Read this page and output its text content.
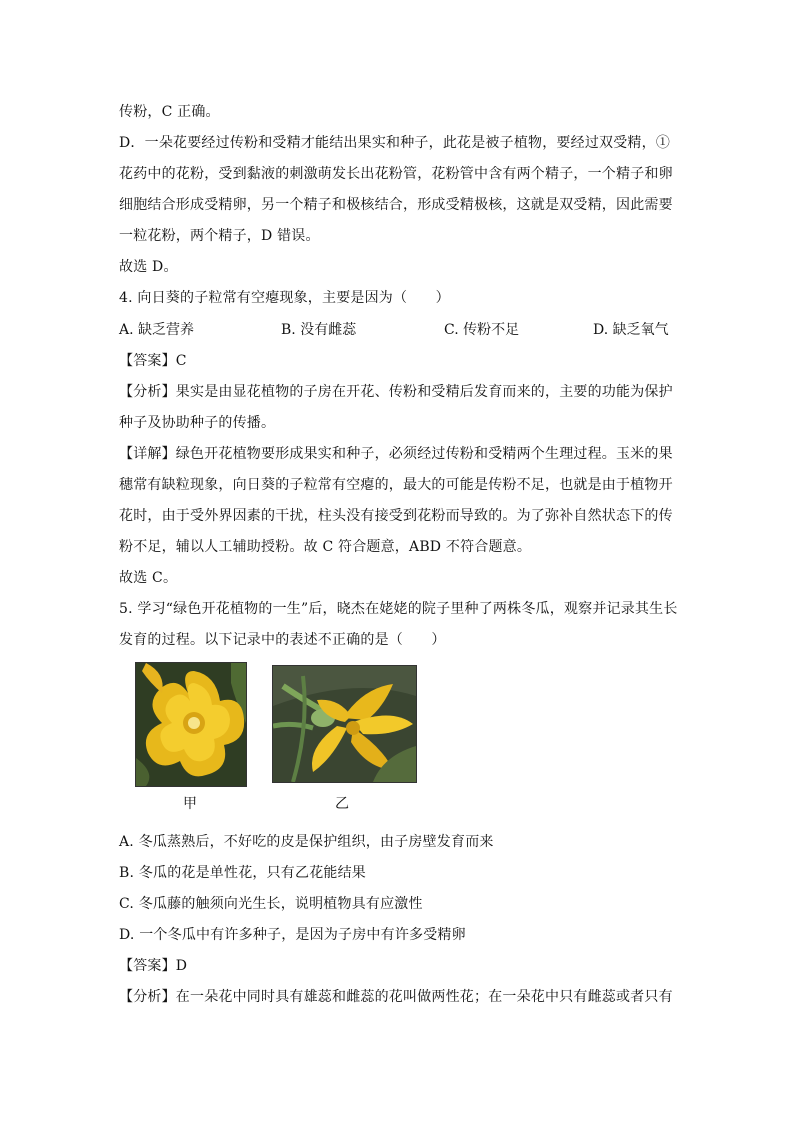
传粉，C 正确。
D．一朵花要经过传粉和受精才能结出果实和种子，此花是被子植物，要经过双受精，①
花药中的花粉，受到黏液的刺激萌发长出花粉管，花粉管中含有两个精子，一个精子和卵
细胞结合形成受精卵，另一个精子和极核结合，形成受精极核，这就是双受精，因此需要
一粒花粉，两个精子，D 错误。
故选 D。
4. 向日葵的子粒常有空瘪现象，主要是因为（　　）
A. 缺乏营养	B. 没有雌蕊	C. 传粉不足	D. 缺乏氧气
【答案】C
【分析】果实是由显花植物的子房在开花、传粉和受精后发育而来的，主要的功能为保护
种子及协助种子的传播。
【详解】绿色开花植物要形成果实和种子，必须经过传粉和受精两个生理过程。玉米的果
穗常有缺粒现象，向日葵的子粒常有空瘪的，最大的可能是传粉不足，也就是由于植物开
花时，由于受外界因素的干扰，柱头没有接受到花粉而导致的。为了弥补自然状态下的传
粉不足，辅以人工辅助授粉。故 C 符合题意，ABD 不符合题意。
故选 C。
5. 学习“绿色开花植物的一生”后，晓杰在姥姥的院子里种了两株冬瓜，观察并记录其生长
发育的过程。以下记录中的表述不正确的是（　　）
甲	乙
A. 冬瓜蒸熟后，不好吃的皮是保护组织，由子房壁发育而来
B. 冬瓜的花是单性花，只有乙花能结果
C. 冬瓜藤的触须向光生长，说明植物具有应激性
D. 一个冬瓜中有许多种子，是因为子房中有许多受精卵
【答案】D
【分析】在一朵花中同时具有雄蕊和雌蕊的花叫做两性花；在一朵花中只有雌蕊或者只有
